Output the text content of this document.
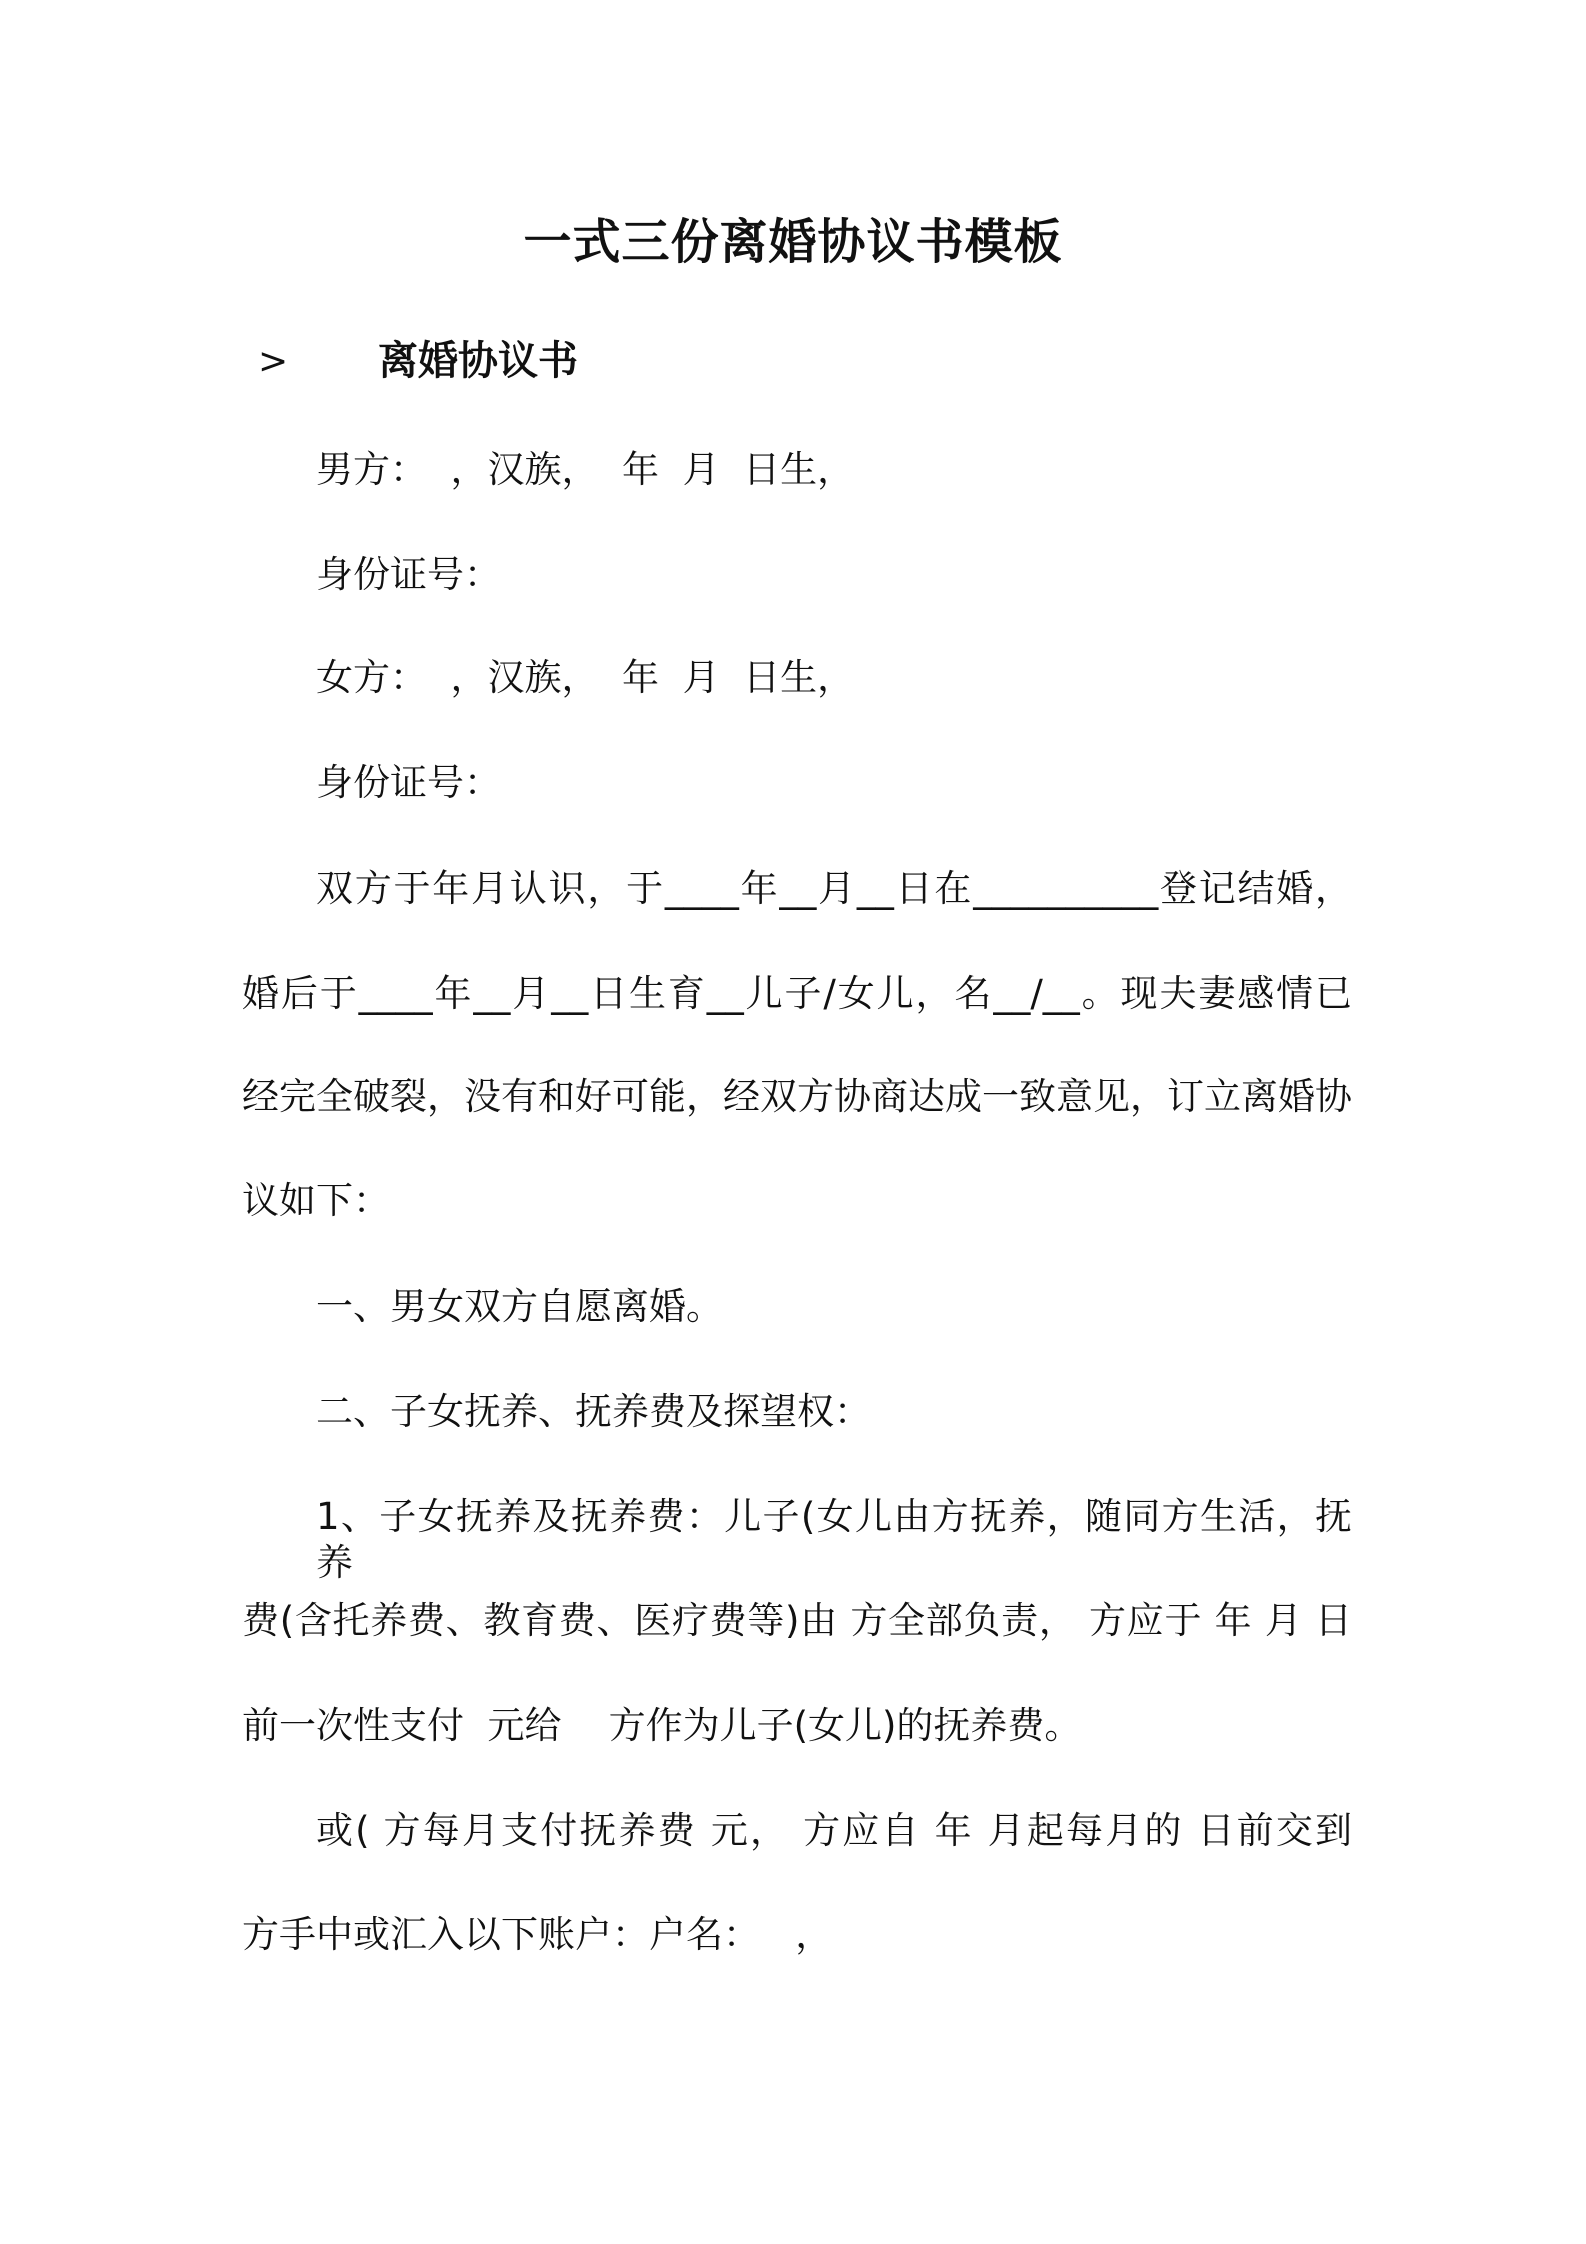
一式三份离婚协议书模板
> 离婚协议书
男方：  ，汉族，  年  月  日生，
身份证号：
女方：  ，汉族，  年  月  日生，
身份证号：
双方于年月认识，于____年__月__日在__________登记结婚，
婚后于____年__月__日生育__儿子/女儿，名__/__。现夫妻感情已
经完全破裂，没有和好可能，经双方协商达成一致意见，订立离婚协
议如下：
一、男女双方自愿离婚。
二、子女抚养、抚养费及探望权：
1、子女抚养及抚养费：儿子(女儿由方抚养，随同方生活，抚养
费(含托养费、教育费、医疗费等)由 方全部负责， 方应于 年 月 日
前一次性支付  元给    方作为儿子(女儿)的抚养费。
或( 方每月支付抚养费 元， 方应自 年 月起每月的 日前交到
方手中或汇入以下账户：户名：   ，
